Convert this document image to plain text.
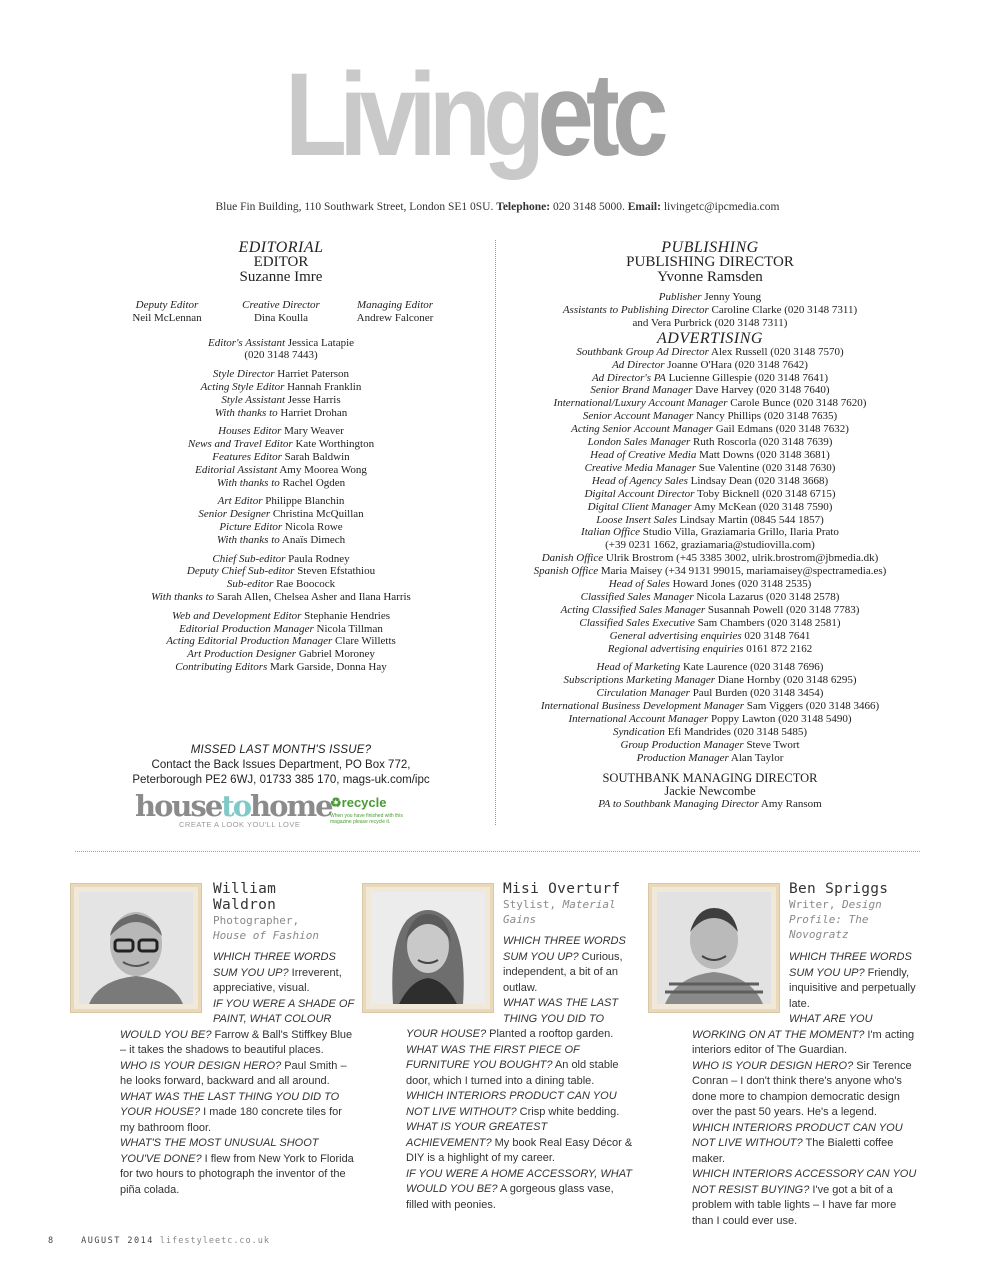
Livingetc
Blue Fin Building, 110 Southwark Street, London SE1 0SU. Telephone: 020 3148 5000. Email: livingetc@ipcmedia.com
EDITORIAL
EDITOR
Suzanne Imre
Deputy Editor
Neil McLennan
Creative Director
Dina Koulla
Managing Editor
Andrew Falconer
Editor's Assistant Jessica Latapie
(020 3148 7443)
Style Director Harriet Paterson
Acting Style Editor Hannah Franklin
Style Assistant Jesse Harris
With thanks to Harriet Drohan
Houses Editor Mary Weaver
News and Travel Editor Kate Worthington
Features Editor Sarah Baldwin
Editorial Assistant Amy Moorea Wong
With thanks to Rachel Ogden
Art Editor Philippe Blanchin
Senior Designer Christina McQuillan
Picture Editor Nicola Rowe
With thanks to Anaïs Dimech
Chief Sub-editor Paula Rodney
Deputy Chief Sub-editor Steven Efstathiou
Sub-editor Rae Boocock
With thanks to Sarah Allen, Chelsea Asher and Ilana Harris
Web and Development Editor Stephanie Hendries
Editorial Production Manager Nicola Tillman
Acting Editorial Production Manager Clare Willetts
Art Production Designer Gabriel Moroney
Contributing Editors Mark Garside, Donna Hay
MISSED LAST MONTH'S ISSUE?
Contact the Back Issues Department, PO Box 772,
Peterborough PE2 6WJ, 01733 385 170, mags-uk.com/ipc
housetohome
CREATE A LOOK YOU'LL LOVE
♻recycle
When you have finished with this magazine please recycle it.
PUBLISHING
PUBLISHING DIRECTOR
Yvonne Ramsden
Publisher Jenny Young
Assistants to Publishing Director Caroline Clarke (020 3148 7311)
and Vera Purbrick (020 3148 7311)
ADVERTISING
Southbank Group Ad Director Alex Russell (020 3148 7570)
Ad Director Joanne O'Hara (020 3148 7642)
Ad Director's PA Lucienne Gillespie (020 3148 7641)
Senior Brand Manager Dave Harvey (020 3148 7640)
International/Luxury Account Manager Carole Bunce (020 3148 7620)
Senior Account Manager Nancy Phillips (020 3148 7635)
Acting Senior Account Manager Gail Edmans (020 3148 7632)
London Sales Manager Ruth Roscorla (020 3148 7639)
Head of Creative Media Matt Downs (020 3148 3681)
Creative Media Manager Sue Valentine (020 3148 7630)
Head of Agency Sales Lindsay Dean (020 3148 3668)
Digital Account Director Toby Bicknell (020 3148 6715)
Digital Client Manager Amy McKean (020 3148 7590)
Loose Insert Sales Lindsay Martin (0845 544 1857)
Italian Office Studio Villa, Graziamaria Grillo, Ilaria Prato
(+39 0231 1662, graziamaria@studiovilla.com)
Danish Office Ulrik Brostrom (+45 3385 3002, ulrik.brostrom@jbmedia.dk)
Spanish Office Maria Maisey (+34 9131 99015, mariamaisey@spectramedia.es)
Head of Sales Howard Jones (020 3148 2535)
Classified Sales Manager Nicola Lazarus (020 3148 2578)
Acting Classified Sales Manager Susannah Powell (020 3148 7783)
Classified Sales Executive Sam Chambers (020 3148 2581)
General advertising enquiries 020 3148 7641
Regional advertising enquiries 0161 872 2162
Head of Marketing Kate Laurence (020 3148 7696)
Subscriptions Marketing Manager Diane Hornby (020 3148 6295)
Circulation Manager Paul Burden (020 3148 3454)
International Business Development Manager Sam Viggers (020 3148 3466)
International Account Manager Poppy Lawton (020 3148 5490)
Syndication Efi Mandrides (020 3148 5485)
Group Production Manager Steve Twort
Production Manager Alan Taylor
SOUTHBANK MANAGING DIRECTOR
Jackie Newcombe
PA to Southbank Managing Director Amy Ransom
William
Waldron
Photographer,
House of Fashion
WHICH THREE WORDS SUM YOU UP? Irreverent, appreciative, visual.
IF YOU WERE A SHADE OF PAINT, WHAT COLOUR WOULD YOU BE? Farrow & Ball's Stiffkey Blue – it takes the shadows to beautiful places.
WHO IS YOUR DESIGN HERO? Paul Smith – he looks forward, backward and all around.
WHAT WAS THE LAST THING YOU DID TO YOUR HOUSE? I made 180 concrete tiles for my bathroom floor.
WHAT'S THE MOST UNUSUAL SHOOT YOU'VE DONE? I flew from New York to Florida for two hours to photograph the inventor of the piña colada.
Misi Overturf
Stylist, Material Gains
WHICH THREE WORDS SUM YOU UP? Curious, independent, a bit of an outlaw.
WHAT WAS THE LAST THING YOU DID TO YOUR HOUSE? Planted a rooftop garden.
WHAT WAS THE FIRST PIECE OF FURNITURE YOU BOUGHT? An old stable door, which I turned into a dining table.
WHICH INTERIORS PRODUCT CAN YOU NOT LIVE WITHOUT? Crisp white bedding.
WHAT IS YOUR GREATEST ACHIEVEMENT? My book Real Easy Décor & DIY is a highlight of my career.
IF YOU WERE A HOME ACCESSORY, WHAT WOULD YOU BE? A gorgeous glass vase, filled with peonies.
Ben Spriggs
Writer, Design Profile: The Novogratz
WHICH THREE WORDS SUM YOU UP? Friendly, inquisitive and perpetually late.
WHAT ARE YOU WORKING ON AT THE MOMENT? I'm acting interiors editor of The Guardian.
WHO IS YOUR DESIGN HERO? Sir Terence Conran – I don't think there's anyone who's done more to champion democratic design over the past 50 years. He's a legend.
WHICH INTERIORS PRODUCT CAN YOU NOT LIVE WITHOUT? The Bialetti coffee maker.
WHICH INTERIORS ACCESSORY CAN YOU NOT RESIST BUYING? I've got a bit of a problem with table lights – I have far more than I could ever use.
8	AUGUST 2014 lifestyleetc.co.uk
